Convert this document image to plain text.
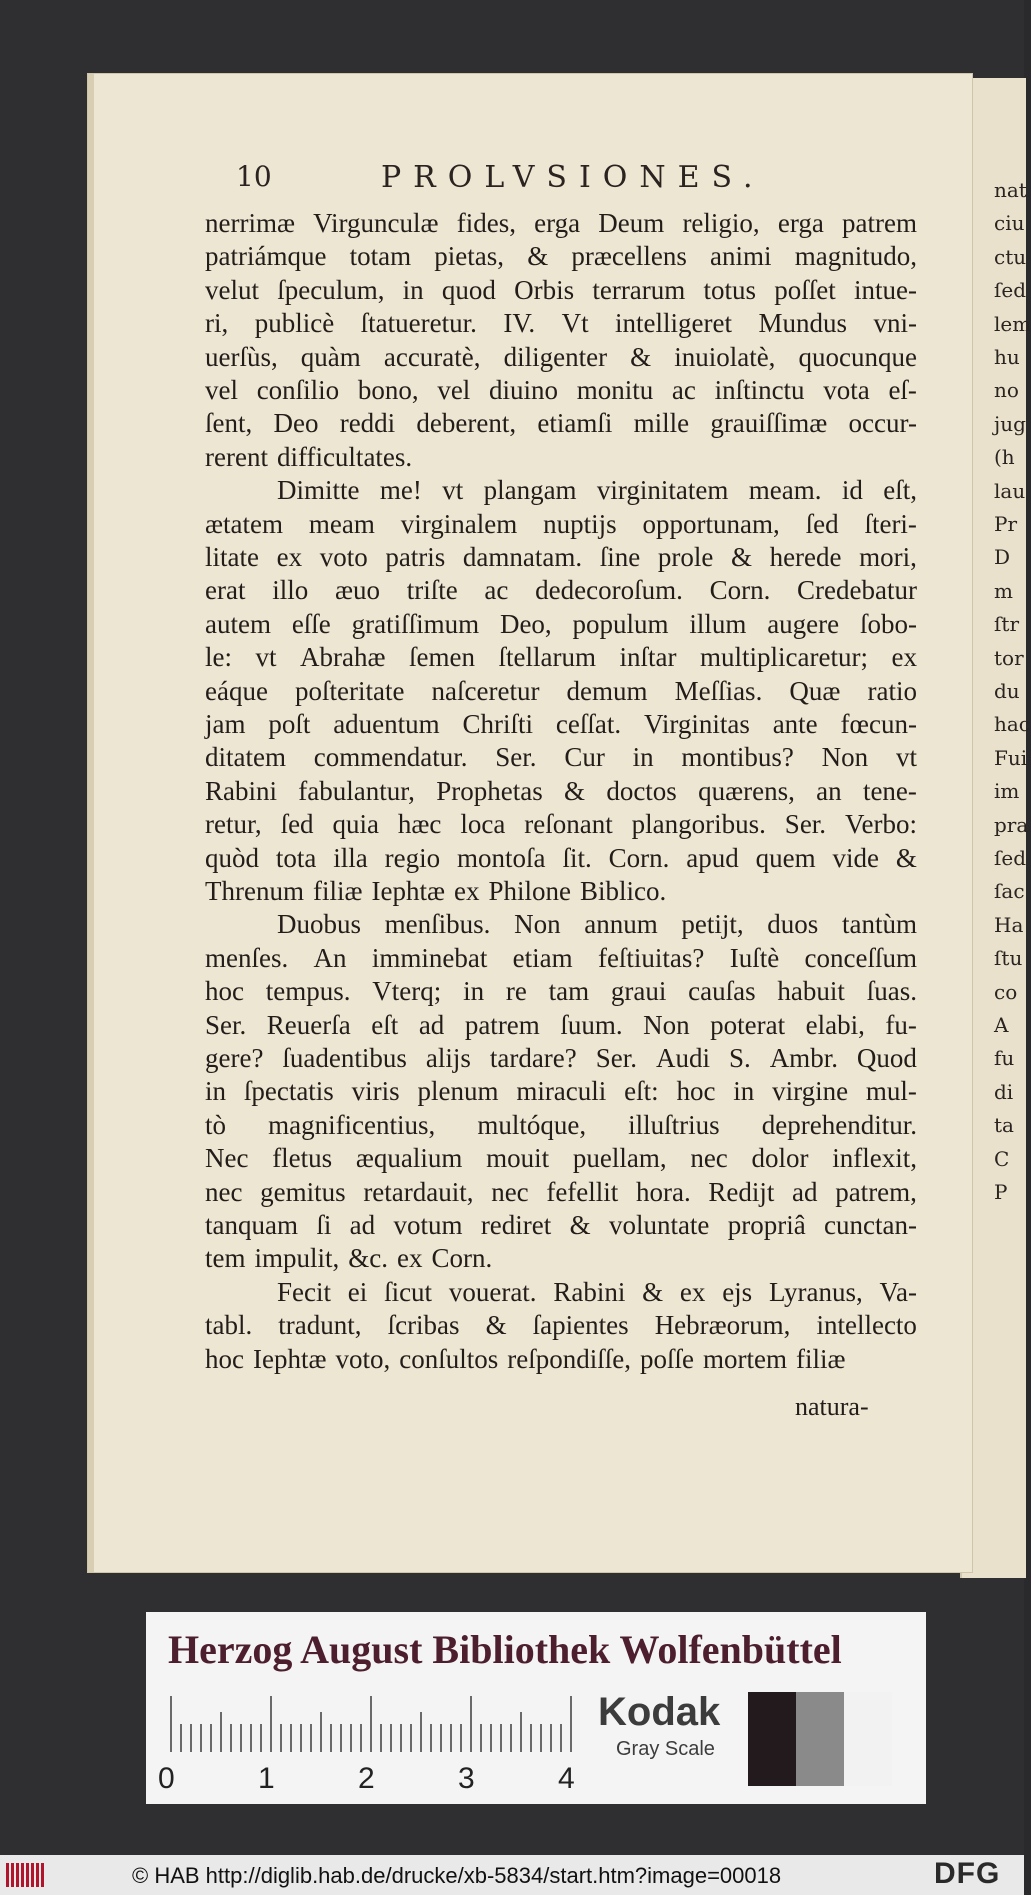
nat
ciu
ctu
ſed
lem
hu
no
jug
(h
lau
Pr
D
m
ſtr
tor
du
hac
Fui
im
pra
ſed
ſac
Ha
ſtu
co
A
fu
di
ta
C
P
10	PROLVSIONES.
nerrimæ Virgunculæ fides, erga Deum religio, erga patrem
patriámque totam pietas, & præcellens animi magnitudo,
velut ſpeculum, in quod Orbis terrarum totus poſſet intue-
ri, publicè ſtatueretur. IV. Vt intelligeret Mundus vni-
uerſùs, quàm accuratè, diligenter & inuiolatè, quocunque
vel conſilio bono, vel diuino monitu ac inſtinctu vota eſ-
ſent, Deo reddi deberent, etiamſi mille grauiſſimæ occur-
rerent difficultates.
Dimitte me! vt plangam virginitatem meam. id eſt,
ætatem meam virginalem nuptijs opportunam, ſed ſteri-
litate ex voto patris damnatam. ſine prole & herede mori,
erat illo æuo triſte ac dedecoroſum. Corn. Credebatur
autem eſſe gratiſſimum Deo, populum illum augere ſobo-
le: vt Abrahæ ſemen ſtellarum inſtar multiplicaretur; ex
eáque poſteritate naſceretur demum Meſſias. Quæ ratio
jam poſt aduentum Chriſti ceſſat. Virginitas ante fœcun-
ditatem commendatur. Ser. Cur in montibus? Non vt
Rabini fabulantur, Prophetas & doctos quærens, an tene-
retur, ſed quia hæc loca reſonant plangoribus. Ser. Verbo:
quòd tota illa regio montoſa ſit. Corn. apud quem vide &
Threnum filiæ Iephtæ ex Philone Biblico.
Duobus menſibus. Non annum petijt, duos tantùm
menſes. An imminebat etiam feſtiuitas? Iuſtè conceſſum
hoc tempus. Vterq; in re tam graui cauſas habuit ſuas.
Ser. Reuerſa eſt ad patrem ſuum. Non poterat elabi, fu-
gere? ſuadentibus alijs tardare? Ser. Audi S. Ambr. Quod
in ſpectatis viris plenum miraculi eſt: hoc in virgine mul-
tò magnificentius, multóque, illuſtrius deprehenditur.
Nec fletus æqualium mouit puellam, nec dolor inflexit,
nec gemitus retardauit, nec fefellit hora. Redijt ad patrem,
tanquam ſi ad votum rediret & voluntate propriâ cunctan-
tem impulit, &c. ex Corn.
Fecit ei ſicut vouerat. Rabini & ex ejs Lyranus, Va-
tabl. tradunt, ſcribas & ſapientes Hebræorum, intellecto
hoc Iephtæ voto, conſultos reſpondiſſe, poſſe mortem filiæ
natura-
Herzog August Bibliothek Wolfenbüttel
0	1	2	3	4
Kodak
Gray Scale
© HAB http://diglib.hab.de/drucke/xb-5834/start.htm?image=00018	DFG
